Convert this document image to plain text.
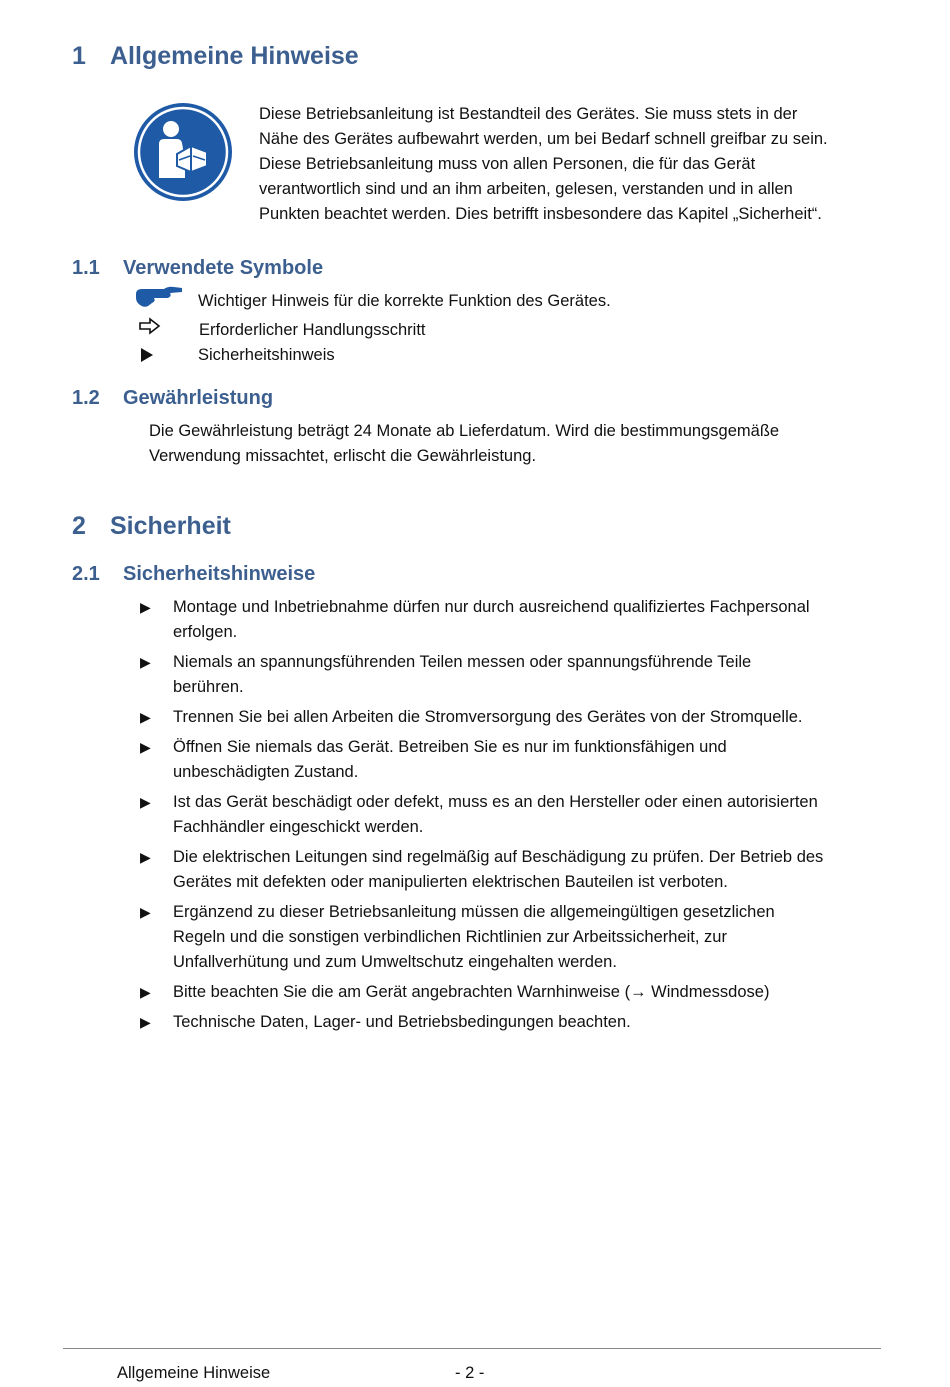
1 Allgemeine Hinweise
Diese Betriebsanleitung ist Bestandteil des Gerätes. Sie muss stets in der
Nähe des Gerätes aufbewahrt werden, um bei Bedarf schnell greifbar zu sein.
Diese Betriebsanleitung muss von allen Personen, die für das Gerät
verantwortlich sind und an ihm arbeiten, gelesen, verstanden und in allen
Punkten beachtet werden. Dies betrifft insbesondere das Kapitel „Sicherheit“.
1.1 Verwendete Symbole
Wichtiger Hinweis für die korrekte Funktion des Gerätes.
Erforderlicher Handlungsschritt
Sicherheitshinweis
1.2 Gewährleistung
Die Gewährleistung beträgt 24 Monate ab Lieferdatum. Wird die bestimmungsgemäße
Verwendung missachtet, erlischt die Gewährleistung.
2 Sicherheit
2.1 Sicherheitshinweise
▶ Montage und Inbetriebnahme dürfen nur durch ausreichend qualifiziertes Fachpersonal
erfolgen.
▶ Niemals an spannungsführenden Teilen messen oder spannungsführende Teile
berühren.
▶ Trennen Sie bei allen Arbeiten die Stromversorgung des Gerätes von der Stromquelle.
▶ Öffnen Sie niemals das Gerät. Betreiben Sie es nur im funktionsfähigen und
unbeschädigten Zustand.
▶ Ist das Gerät beschädigt oder defekt, muss es an den Hersteller oder einen autorisierten
Fachhändler eingeschickt werden.
▶ Die elektrischen Leitungen sind regelmäßig auf Beschädigung zu prüfen. Der Betrieb des
Gerätes mit defekten oder manipulierten elektrischen Bauteilen ist verboten.
▶ Ergänzend zu dieser Betriebsanleitung müssen die allgemeingültigen gesetzlichen
Regeln und die sonstigen verbindlichen Richtlinien zur Arbeitssicherheit, zur
Unfallverhütung und zum Umweltschutz eingehalten werden.
▶ Bitte beachten Sie die am Gerät angebrachten Warnhinweise (→ Windmessdose)
▶ Technische Daten, Lager- und Betriebsbedingungen beachten.
Allgemeine Hinweise	- 2 -
